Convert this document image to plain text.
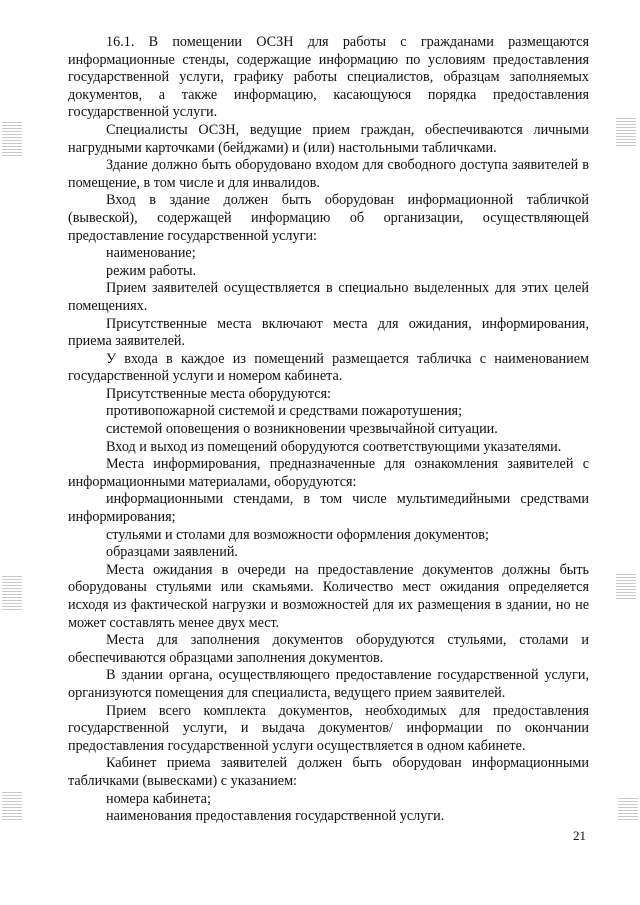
16.1. В помещении ОСЗН для работы с гражданами размещаются информационные стенды, содержащие информацию по условиям предоставления государственной услуги, графику работы специалистов, образцам заполняемых документов, а также информацию, касающуюся порядка предоставления государственной услуги.

Специалисты ОСЗН, ведущие прием граждан, обеспечиваются личными нагрудными карточками (бейджами) и (или) настольными табличками.

Здание должно быть оборудовано входом для свободного доступа заявителей в помещение, в том числе и для инвалидов.

Вход в здание должен быть оборудован информационной табличкой (вывеской), содержащей информацию об организации, осуществляющей предоставление государственной услуги:

наименование;

режим работы.

Прием заявителей осуществляется в специально выделенных для этих целей помещениях.

Присутственные места включают места для ожидания, информирования, приема заявителей.

У входа в каждое из помещений размещается табличка с наименованием государственной услуги и номером кабинета.

Присутственные места оборудуются:

противопожарной системой и средствами пожаротушения;

системой оповещения о возникновении чрезвычайной ситуации.

Вход и выход из помещений оборудуются соответствующими указателями.

Места информирования, предназначенные для ознакомления заявителей с информационными материалами, оборудуются:

информационными стендами, в том числе мультимедийными средствами информирования;

стульями и столами для возможности оформления документов;

образцами заявлений.

Места ожидания в очереди на предоставление документов должны быть оборудованы стульями или скамьями. Количество мест ожидания определяется исходя из фактической нагрузки и возможностей для их размещения в здании, но не может составлять менее двух мест.

Места для заполнения документов оборудуются стульями, столами и обеспечиваются образцами заполнения документов.

В здании органа, осуществляющего предоставление государственной услуги, организуются помещения для специалиста, ведущего прием заявителей.

Прием всего комплекта документов, необходимых для предоставления государственной услуги, и выдача документов/ информации по окончании предоставления государственной услуги осуществляется в одном кабинете.

Кабинет приема заявителей должен быть оборудован информационными табличками (вывесками) с указанием:

номера кабинета;

наименования предоставления государственной услуги.

21
